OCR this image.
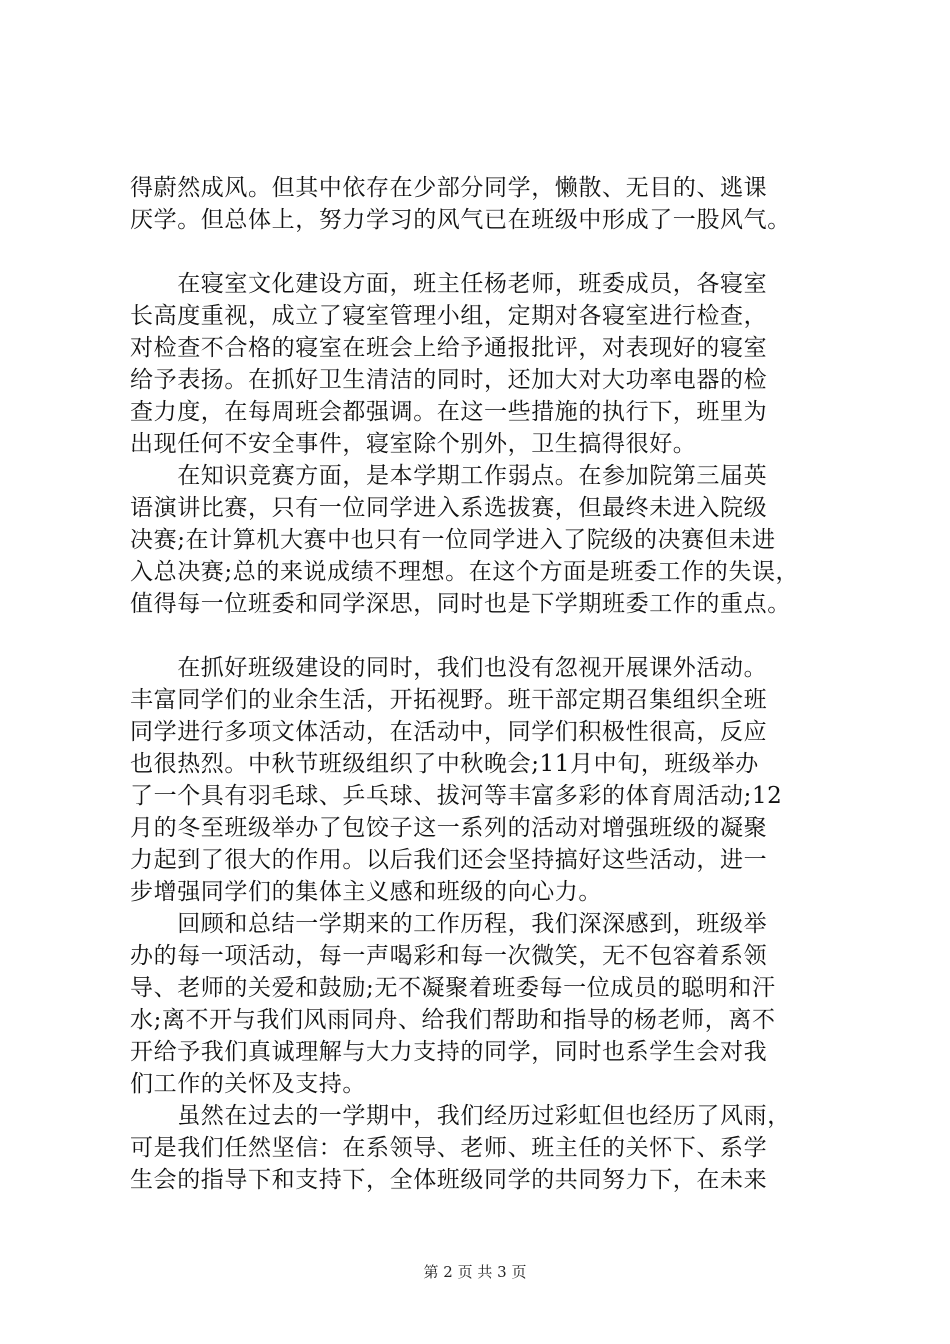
得蔚然成风。但其中依存在少部分同学，懒散、无目的、逃课
厌学。但总体上，努力学习的风气已在班级中形成了一股风气。
　　在寝室文化建设方面，班主任杨老师，班委成员，各寝室
长高度重视，成立了寝室管理小组，定期对各寝室进行检查，
对检查不合格的寝室在班会上给予通报批评，对表现好的寝室
给予表扬。在抓好卫生清洁的同时，还加大对大功率电器的检
查力度，在每周班会都强调。在这一些措施的执行下，班里为
出现任何不安全事件，寝室除个别外，卫生搞得很好。
　　在知识竞赛方面，是本学期工作弱点。在参加院第三届英
语演讲比赛，只有一位同学进入系选拔赛，但最终未进入院级
决赛;在计算机大赛中也只有一位同学进入了院级的决赛但未进
入总决赛;总的来说成绩不理想。在这个方面是班委工作的失误，
值得每一位班委和同学深思，同时也是下学期班委工作的重点。
　　在抓好班级建设的同时，我们也没有忽视开展课外活动。
丰富同学们的业余生活，开拓视野。班干部定期召集组织全班
同学进行多项文体活动，在活动中，同学们积极性很高，反应
也很热烈。中秋节班级组织了中秋晚会;11月中旬，班级举办
了一个具有羽毛球、乒乓球、拔河等丰富多彩的体育周活动;12
月的冬至班级举办了包饺子这一系列的活动对增强班级的凝聚
力起到了很大的作用。以后我们还会坚持搞好这些活动，进一
步增强同学们的集体主义感和班级的向心力。
　　回顾和总结一学期来的工作历程，我们深深感到，班级举
办的每一项活动，每一声喝彩和每一次微笑，无不包容着系领
导、老师的关爱和鼓励;无不凝聚着班委每一位成员的聪明和汗
水;离不开与我们风雨同舟、给我们帮助和指导的杨老师，离不
开给予我们真诚理解与大力支持的同学，同时也系学生会对我
们工作的关怀及支持。
　　虽然在过去的一学期中，我们经历过彩虹但也经历了风雨，
可是我们任然坚信：在系领导、老师、班主任的关怀下、系学
生会的指导下和支持下，全体班级同学的共同努力下，在未来
第 2 页 共 3 页
